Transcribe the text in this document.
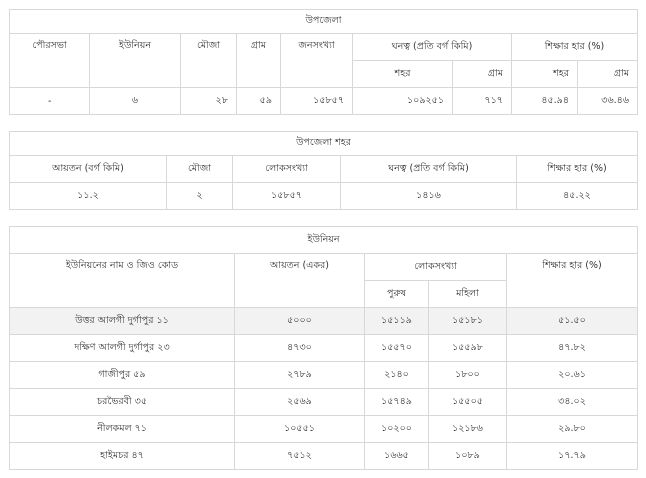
উপজেলা								
পৌরসভা	ইউনিয়ন	মৌজা	গ্রাম	জনসংখ্যা	ঘনত্ব (প্রতি বর্গ কিমি)		শিক্ষার হার (%)	
					শহর	গ্রাম	শহর	গ্রাম
-	৬	২৮	৫৯	১৫৮৫৭	১০৯২৫১	৭১৭	৪৫.৯৪	৩৬.৪৬
উপজেলা শহর				
আয়তন (বর্গ কিমি)	মৌজা	লোকসংখ্যা	ঘনত্ব (প্রতি বর্গ কিমি)	শিক্ষার হার (%)
১১.২	২	১৫৮৫৭	১৪১৬	৪৫.২২
ইউনিয়ন				
ইউনিয়নের নাম ও জিও কোড	আয়তন (একর)	লোকসংখ্যা		শিক্ষার হার (%)
		পুরুষ	মহিলা	
উত্তর আলগী দুর্গাপুর ১১	৫০০০	১৫১১৯	১৫১৮১	৫১.৫০
দক্ষিণ আলগী দুর্গাপুর ২৩	৪৭৩০	১৫৫৭০	১৫৫৯৮	৪৭.৮২
গাজীপুর ৫৯	২৭৮৯	২১৪০	১৮০০	২০.৬১
চরভৈরবী ৩৫	২৫৬৯	১৫৭৪৯	১৫৫০৫	৩৪.০২
নীলকমল ৭১	১০৫৫১	১০২০০	১২১৮৬	২৯.৮০
হাইমচর ৪৭	৭৫১২	১৬৬৫	১০৮৯	১৭.৭৯
